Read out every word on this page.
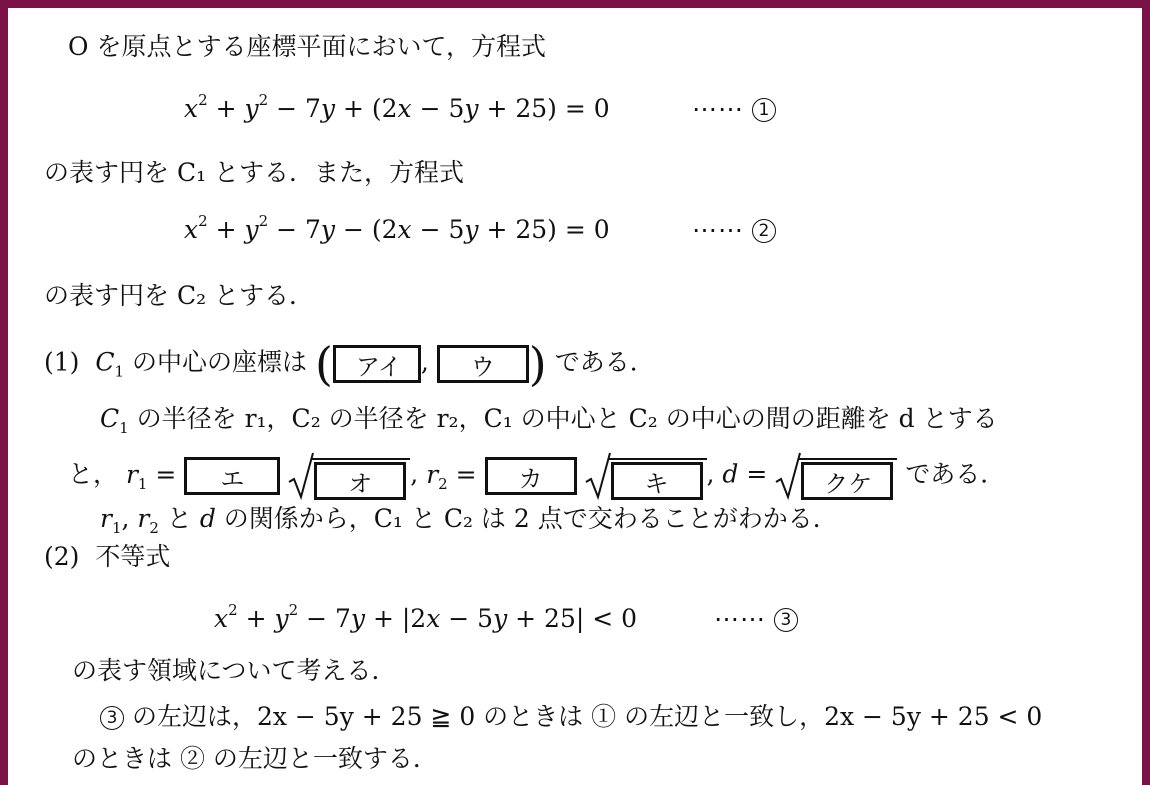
O を原点とする座標平面において，方程式
$x^2 + y^2 - 7y + (2x - 5y + 25) = 0$	⋯⋯ 1
の表す円を C₁ とする．また，方程式
$x^2 + y^2 - 7y - (2x - 5y + 25) = 0$	⋯⋯ 2
の表す円を C₂ とする．
(1) $C_1$ の中心の座標は ( アイ , ウ ) である．
$C_1$ の半径を r₁，C₂ の半径を r₂，C₁ の中心と C₂ の中心の間の距離を d とする
と， $r_1$ = エ	オ	, $r_2$ = カ	キ	, d =	クケ	である．
$r_1$, $r_2$ と d の関係から，C₁ と C₂ は 2 点で交わることがわかる．
(2) 不等式
$x^2 + y^2 - 7y + |2x - 5y + 25| < 0$	⋯⋯ 3
の表す領域について考える．
3 の左辺は，2x − 5y + 25 ≧ 0 のときは ① の左辺と一致し，2x − 5y + 25 < 0
のときは ② の左辺と一致する．
